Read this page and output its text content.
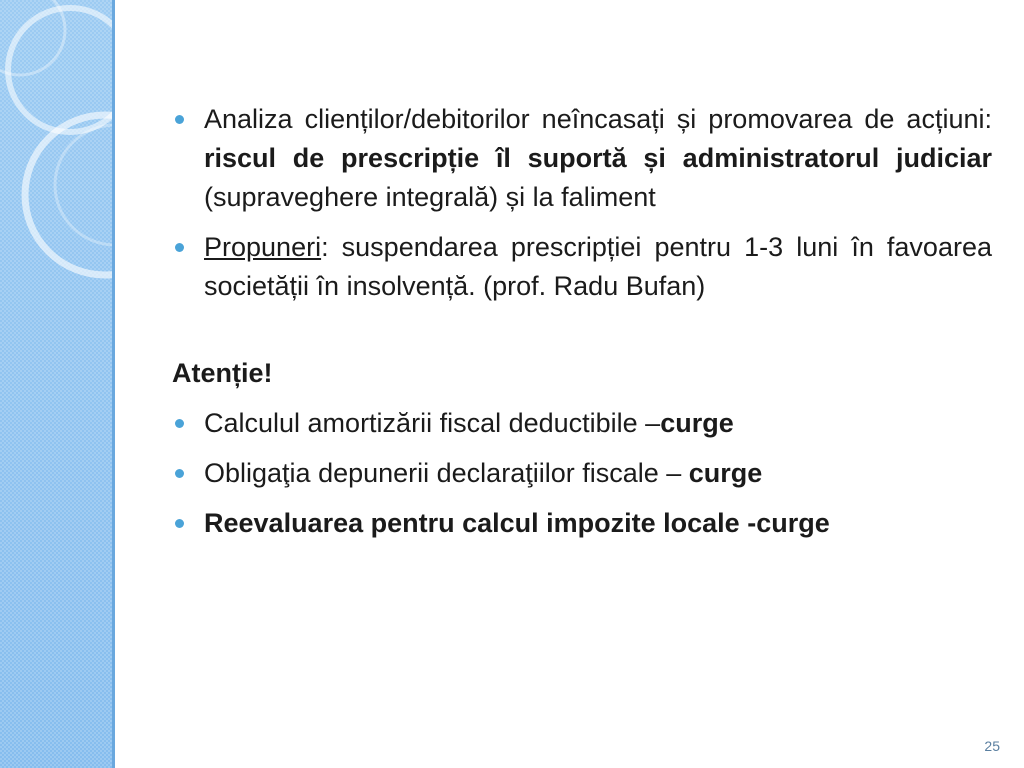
Analiza clienților/debitorilor neîncasați și promovarea de acțiuni: riscul de prescripție îl suportă și administratorul judiciar (supraveghere integrală) și la faliment
Propuneri: suspendarea prescripției pentru 1-3 luni în favoarea societății în insolvență. (prof. Radu Bufan)
Atenție!
Calculul amortizării fiscal deductibile –curge
Obligaţia depunerii declaraţiilor fiscale – curge
Reevaluarea pentru calcul impozite locale -curge
25
